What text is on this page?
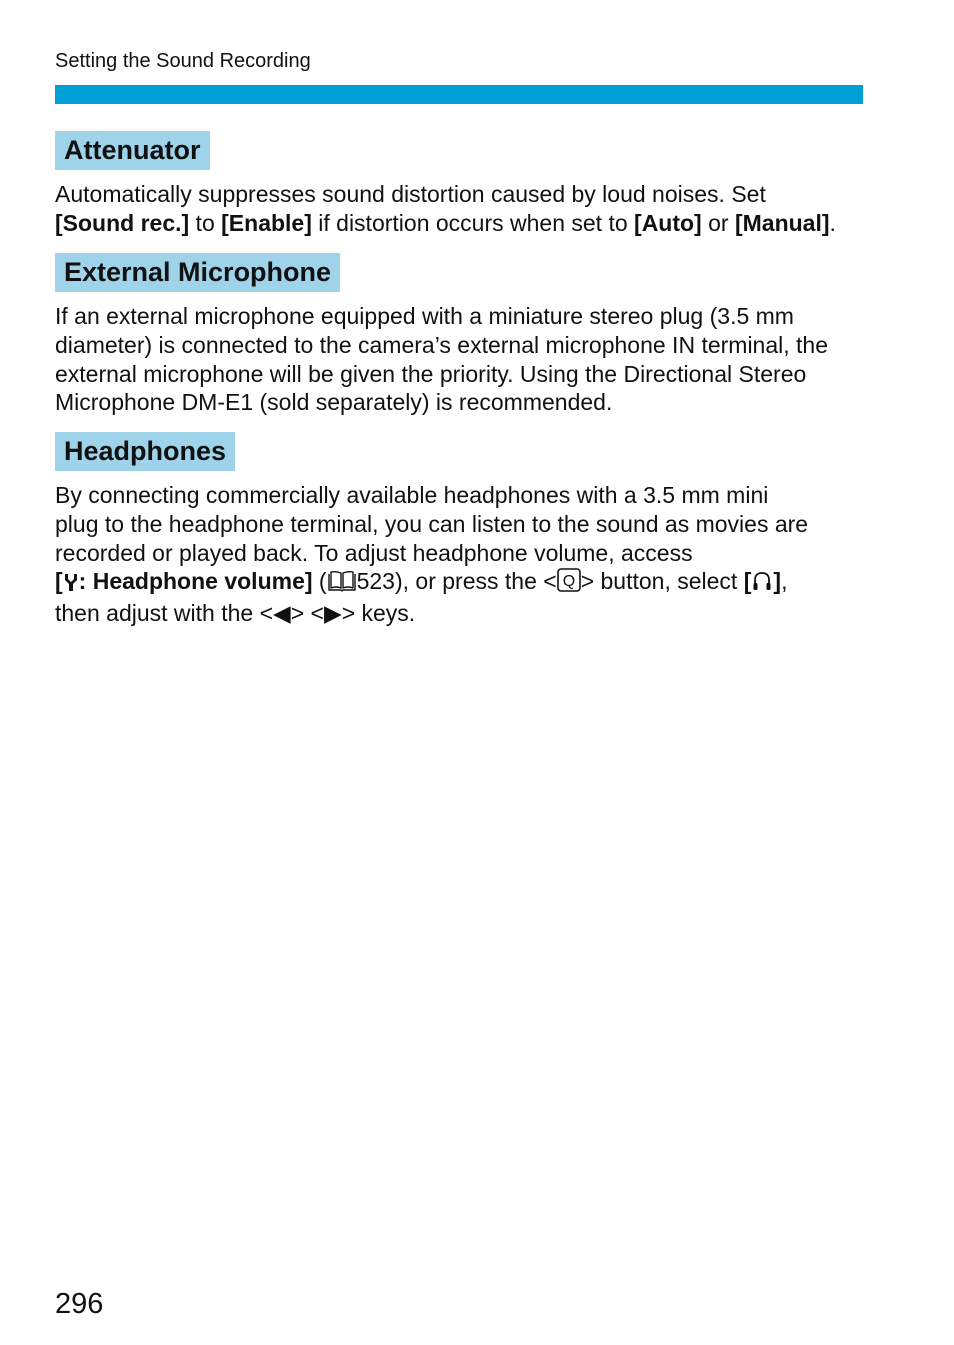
Setting the Sound Recording
Attenuator
Automatically suppresses sound distortion caused by loud noises. Set
[Sound rec.] to [Enable] if distortion occurs when set to [Auto] or [Manual].
External Microphone
If an external microphone equipped with a miniature stereo plug (3.5 mm
diameter) is connected to the camera’s external microphone IN terminal, the
external microphone will be given the priority. Using the Directional Stereo
Microphone DM-E1 (sold separately) is recommended.
Headphones
By connecting commercially available headphones with a 3.5 mm mini
plug to the headphone terminal, you can listen to the sound as movies are
recorded or played back. To adjust headphone volume, access
[ : Headphone volume] ( 523), or press the < Q > button, select [ ],
then adjust with the <◀> <▶> keys.
296
